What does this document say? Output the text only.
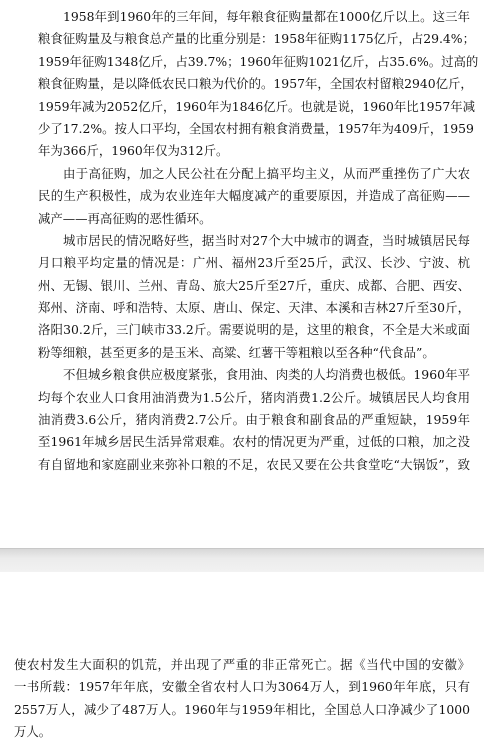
1958年到1960年的三年间，每年粮食征购量都在1000亿斤以上。这三年
粮食征购量及与粮食总产量的比重分别是：1958年征购1175亿斤，占29.4%；
1959年征购1348亿斤，占39.7%；1960年征购1021亿斤，占35.6%。过高的
粮食征购量，是以降低农民口粮为代价的。1957年，全国农村留粮2940亿斤，
1959年减为2052亿斤，1960年为1846亿斤。也就是说，1960年比1957年减
少了17.2%。按人口平均，全国农村拥有粮食消费量，1957年为409斤，1959
年为366斤，1960年仅为312斤。
由于高征购，加之人民公社在分配上搞平均主义，从而严重挫伤了广大农
民的生产积极性，成为农业连年大幅度减产的重要原因，并造成了高征购——
减产——再高征购的恶性循环。
城市居民的情况略好些，据当时对27个大中城市的调查，当时城镇居民每
月口粮平均定量的情况是：广州、福州23斤至25斤，武汉、长沙、宁波、杭
州、无锡、银川、兰州、青岛、旅大25斤至27斤，重庆、成都、合肥、西安、
郑州、济南、呼和浩特、太原、唐山、保定、天津、本溪和吉林27斤至30斤，
洛阳30.2斤，三门峡市33.2斤。需要说明的是，这里的粮食，不全是大米或面
粉等细粮，甚至更多的是玉米、高粱、红薯干等粗粮以至各种“代食品”。
不但城乡粮食供应极度紧张，食用油、肉类的人均消费也极低。1960年平
均每个农业人口食用油消费为1.5公斤，猪肉消费1.2公斤。城镇居民人均食用
油消费3.6公斤，猪肉消费2.7公斤。由于粮食和副食品的严重短缺，1959年
至1961年城乡居民生活异常艰难。农村的情况更为严重，过低的口粮，加之没
有自留地和家庭副业来弥补口粮的不足，农民又要在公共食堂吃“大锅饭”，致
使农村发生大面积的饥荒，并出现了严重的非正常死亡。据《当代中国的安徽》
一书所载：1957年年底，安徽全省农村人口为3064万人，到1960年年底，只有
2557万人，减少了487万人。1960年与1959年相比，全国总人口净减少了1000
万人。
